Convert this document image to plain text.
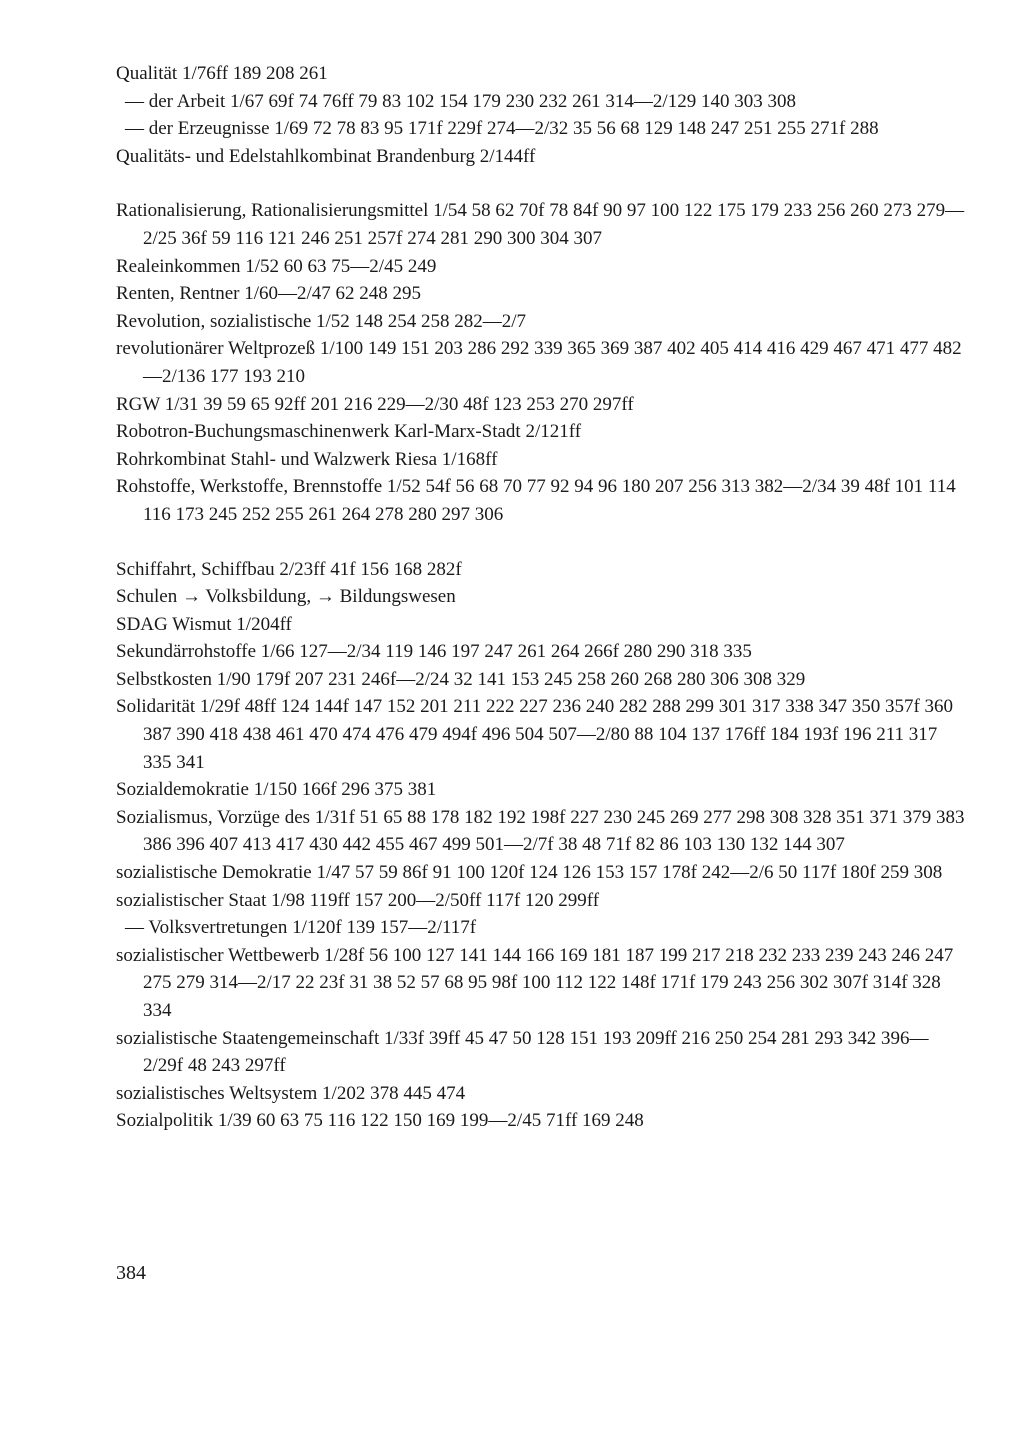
Qualität 1/76ff 189 208 261
— der Arbeit 1/67 69f 74 76ff 79 83 102 154 179 230 232 261 314—2/129 140 303 308
— der Erzeugnisse 1/69 72 78 83 95 171f 229f 274—2/32 35 56 68 129 148 247 251 255 271f 288
Qualitäts- und Edelstahlkombinat Brandenburg 2/144ff
Rationalisierung, Rationalisierungsmittel 1/54 58 62 70f 78 84f 90 97 100 122 175 179 233 256 260 273 279—2/25 36f 59 116 121 246 251 257f 274 281 290 300 304 307
Realeinkommen 1/52 60 63 75—2/45 249
Renten, Rentner 1/60—2/47 62 248 295
Revolution, sozialistische 1/52 148 254 258 282—2/7
revolutionärer Weltprozeß 1/100 149 151 203 286 292 339 365 369 387 402 405 414 416 429 467 471 477 482—2/136 177 193 210
RGW 1/31 39 59 65 92ff 201 216 229—2/30 48f 123 253 270 297ff
Robotron-Buchungsmaschinenwerk Karl-Marx-Stadt 2/121ff
Rohrkombinat Stahl- und Walzwerk Riesa 1/168ff
Rohstoffe, Werkstoffe, Brennstoffe 1/52 54f 56 68 70 77 92 94 96 180 207 256 313 382—2/34 39 48f 101 114 116 173 245 252 255 261 264 278 280 297 306
Schiffahrt, Schiffbau 2/23ff 41f 156 168 282f
Schulen → Volksbildung, → Bildungswesen
SDAG Wismut 1/204ff
Sekundärrohstoffe 1/66 127—2/34 119 146 197 247 261 264 266f 280 290 318 335
Selbstkosten 1/90 179f 207 231 246f—2/24 32 141 153 245 258 260 268 280 306 308 329
Solidarität 1/29f 48ff 124 144f 147 152 201 211 222 227 236 240 282 288 299 301 317 338 347 350 357f 360 387 390 418 438 461 470 474 476 479 494f 496 504 507—2/80 88 104 137 176ff 184 193f 196 211 317 335 341
Sozialdemokratie 1/150 166f 296 375 381
Sozialismus, Vorzüge des 1/31f 51 65 88 178 182 192 198f 227 230 245 269 277 298 308 328 351 371 379 383 386 396 407 413 417 430 442 455 467 499 501—2/7f 38 48 71f 82 86 103 130 132 144 307
sozialistische Demokratie 1/47 57 59 86f 91 100 120f 124 126 153 157 178f 242—2/6 50 117f 180f 259 308
sozialistischer Staat 1/98 119ff 157 200—2/50ff 117f 120 299ff
— Volksvertretungen 1/120f 139 157—2/117f
sozialistischer Wettbewerb 1/28f 56 100 127 141 144 166 169 181 187 199 217 218 232 233 239 243 246 247 275 279 314—2/17 22 23f 31 38 52 57 68 95 98f 100 112 122 148f 171f 179 243 256 302 307f 314f 328 334
sozialistische Staatengemeinschaft 1/33f 39ff 45 47 50 128 151 193 209ff 216 250 254 281 293 342 396—2/29f 48 243 297ff
sozialistisches Weltsystem 1/202 378 445 474
Sozialpolitik 1/39 60 63 75 116 122 150 169 199—2/45 71ff 169 248
384
